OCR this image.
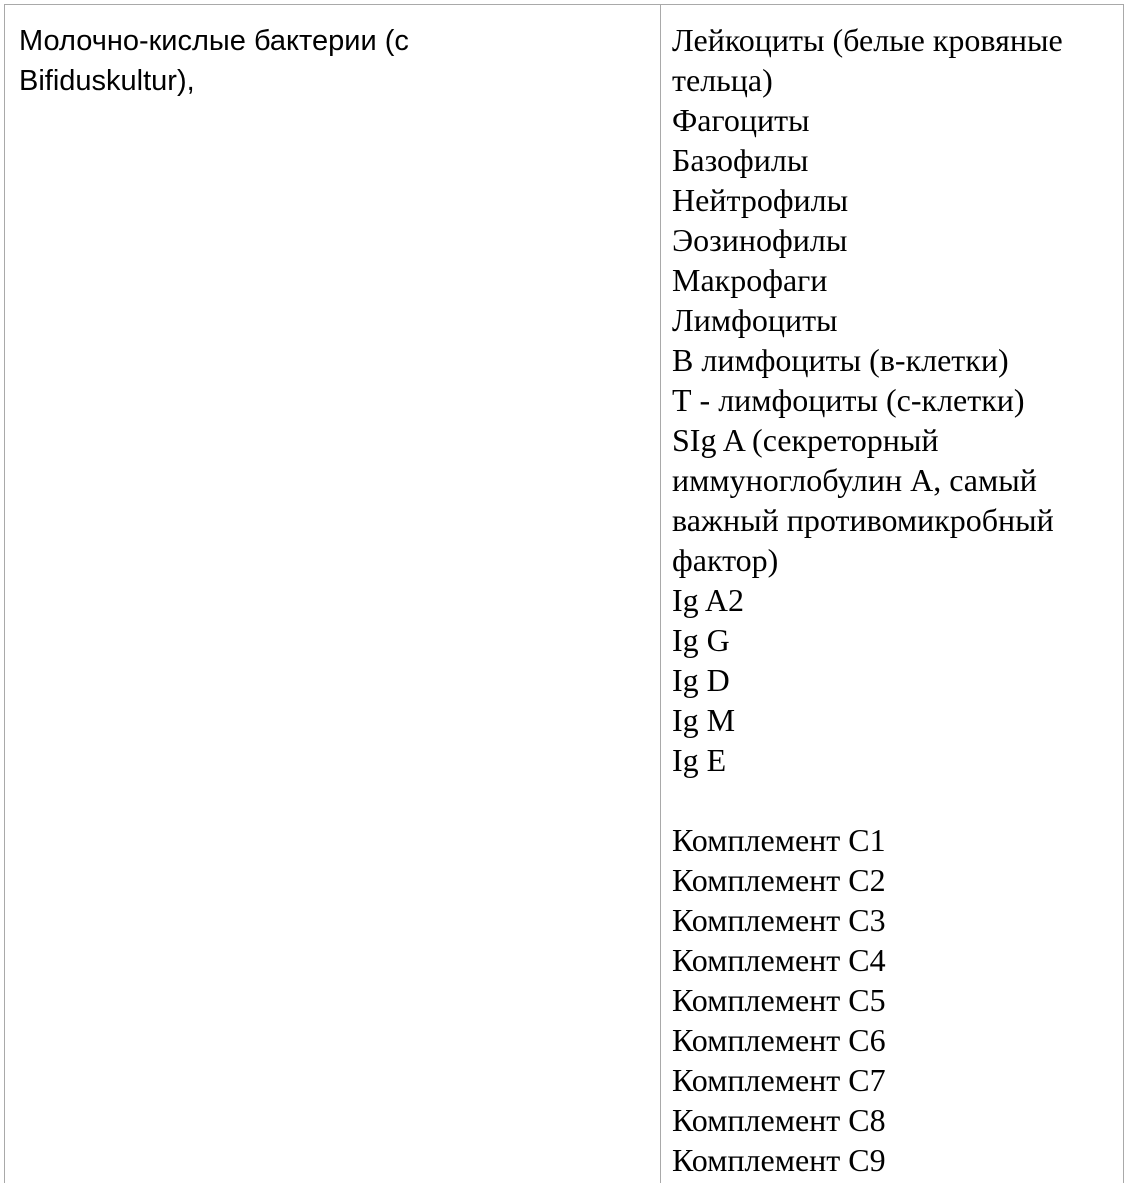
Молочно-кислые бактерии (с
Bifiduskultur),
Лейкоциты (белые кровяные
тельца)
Фагоциты
Базофилы
Нейтрофилы
Эозинофилы
Макрофаги
Лимфоциты
В лимфоциты (в-клетки)
Т - лимфоциты (с-клетки)
SIg A (секреторный
иммуноглобулин А, самый
важный противомикробный
фактор)
Ig A2
Ig G
Ig D
Ig M
Ig E
Комплемент C1
Комплемент C2
Комплемент C3
Комплемент C4
Комплемент C5
Комплемент C6
Комплемент C7
Комплемент C8
Комплемент C9
